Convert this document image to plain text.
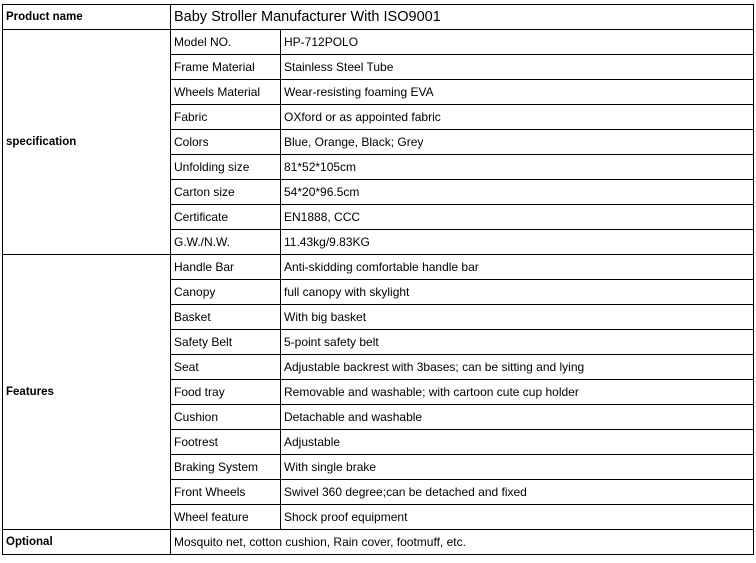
Product name	Baby Stroller Manufacturer With ISO9001	
specification	Model NO.	HP-712POLO
	Frame Material	Stainless Steel Tube
	Wheels Material	Wear-resisting foaming EVA
	Fabric	OXford or as appointed fabric
	Colors	Blue, Orange, Black; Grey
	Unfolding size	81*52*105cm
	Carton size	54*20*96.5cm
	Certificate	EN1888, CCC
	G.W./N.W.	11.43kg/9.83KG
Features	Handle Bar	Anti-skidding comfortable handle bar
	Canopy	full canopy with skylight
	Basket	With big basket
	Safety Belt	5-point safety belt
	Seat	Adjustable backrest with 3bases; can be sitting and lying
	Food tray	Removable and washable; with cartoon cute cup holder
	Cushion	Detachable and washable
	Footrest	Adjustable
	Braking System	With single brake
	Front Wheels	Swivel 360 degree;can be detached and fixed
	Wheel feature	Shock proof equipment
Optional	Mosquito net, cotton cushion, Rain cover, footmuff, etc.	
